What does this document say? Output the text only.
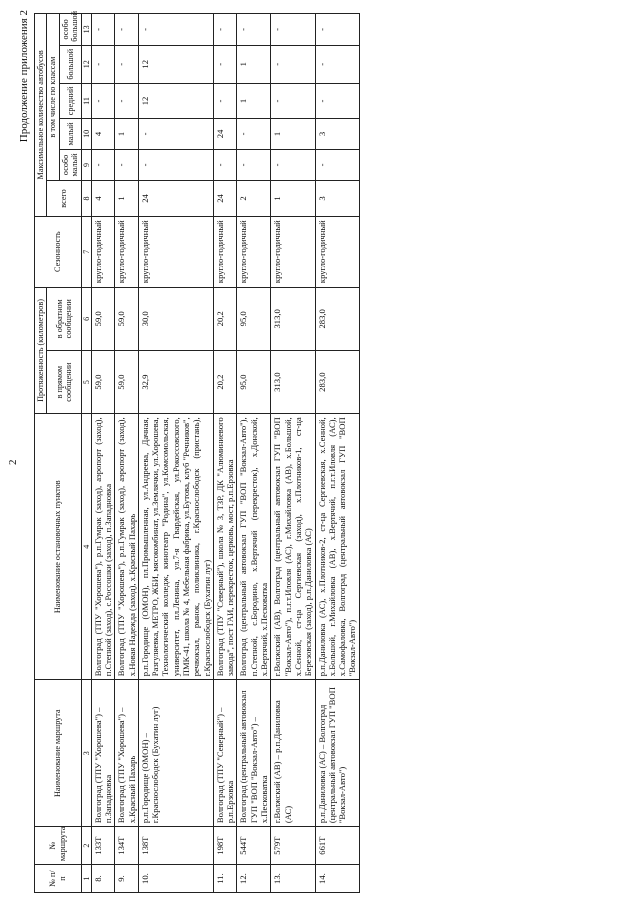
2
Продолжение приложения 2
№ п/п	№ маршрута	Наименование маршрута	Наименование остановочных пунктов	Протяженность (километров)		Сезонность	Максимальное количество автобусов					
				в прямом сообщении	в обратном сообщении		всего	в том числе по классам				
								особо малый	малый	средний	большой	особо большой
1	2	3	4	5	6	7	8	9	10	11	12	13
8.	133Т	Волгоград (ТПУ "Хорошева") – п.Западновка	Волгоград (ТПУ "Хорошева"), р.п.Гумрак (заход), аэропорт (заход), п.Степной (заход), с.Россошки (заход), п.Западновка	59,0	59,0	кругло-годичный	4	-	4	-	-	-
9.	134Т	Волгоград (ТПУ "Хорошева") – х.Красный Пахарь	Волгоград (ТПУ "Хорошева"), р.п.Гумрак (заход), аэропорт (заход), х.Новая Надежда (заход), х.Красный Пахарь	59,0	59,0	кругло-годичный	1	-	1	-	-	-
10.	138Т	р.п.Городище (ОМОН) – г.Краснослободск (Бухатин луг)	р.п.Городище (ОМОН), пл.Промышленная, ул.Андреева, Дачная, Разгуляевка, МЕТРО, ЖБИ, мясокомбинат, ул.Землячки, ул.Хорошева, Технологический колледж, кинотеатр "Родина", ул.Комсомольская, университет, пл.Ленина, ул.7-я Гвардейская, ул.Рокоссовского, ПМК-41, школа № 4, Мебельная фабрика, ул.Бутова, клуб "Речников", речвокзал, рынок, поликлиника, г.Краснослободск (пристань), г.Краснослободск (Бухатин луг)	32,9	30,0	кругло-годичный	24	-	-	12	12	-
11.	198Т	Волгоград (ТПУ "Северный") – р.п.Ерзовка	Волгоград (ТПУ "Северный"), школа № 3, ТЗР, ДК "Алюминиевого завода", пост ГАИ, перекресток, церковь, мост, р.п.Ерзовка	20,2	20,2	кругло-годичный	24	-	24	-	-	-
12.	544Т	Волгоград (центральный автовокзал ГУП "ВОП "Вокзал-Авто") – х.Песковатка	Волгоград (центральный автовокзал ГУП "ВОП "Вокзал-Авто"), п.Степной, с.Бородино, х.Вертячий (перекресток), х.Донской, х.Вертячий, х.Песковатка	95,0	95,0	кругло-годичный	2	-	-	1	1	-
13.	579Т	г.Волжский (АВ) – р.п.Даниловка (АС)	г.Волжский (АВ), Волгоград (центральный автовокзал ГУП "ВОП "Вокзал-Авто"), п.г.т.Иловля (АС), г.Михайловка (АВ), х.Большой, х.Сенной, ст-ца Сергиевская (заход), х.Плотников-1, ст-ца Березовская (заход), р.п.Даниловка (АС)	313,0	313,0	кругло-годичный	1	-	1	-	-	-
14.	661Т	р.п.Даниловка (АС) – Волгоград (центральный автовокзал ГУП "ВОП "Вокзал-Авто")	р.п.Даниловка (АС), х.Плотников-2, ст-ца Сергиевская, х.Сенной, х.Большой, г.Михайловка (АВ), х.Вертячий, п.г.т.Иловля (АС), х.Самофаловка, Волгоград (центральный автовокзал ГУП "ВОП "Вокзал-Авто")	283,0	283,0	кругло-годичный	3	-	3	-	-	-
